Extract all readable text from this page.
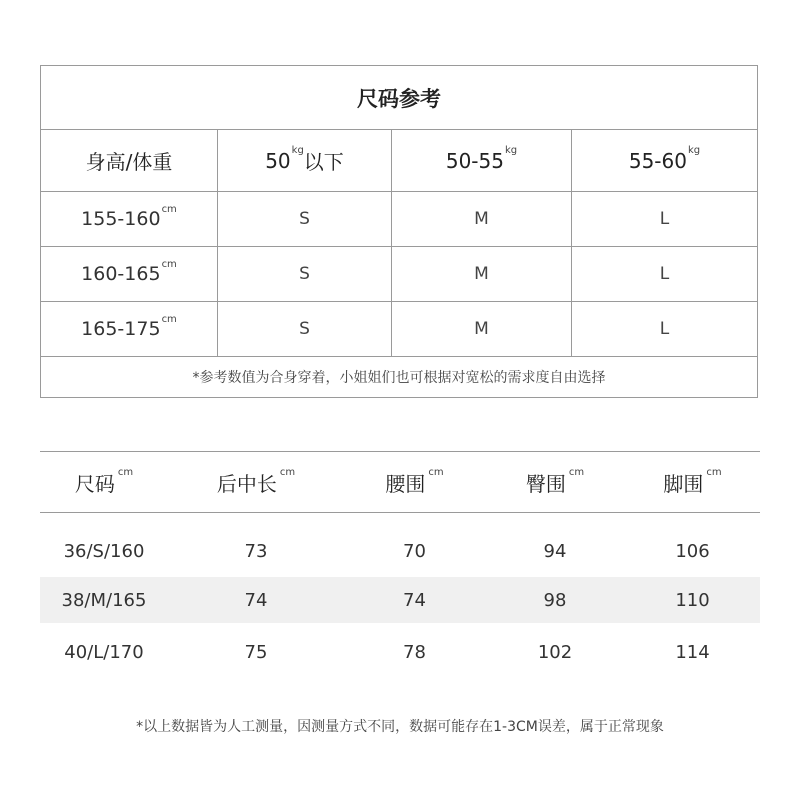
尺码参考
身高/体重	50 kg 以下	50-55 kg	55-60 kg
155-160 cm	S	M	L
160-165 cm	S	M	L
165-175 cm	S	M	L
*参考数值为合身穿着，小姐姐们也可根据对宽松的需求度自由选择
尺码 cm	后中长 cm	腰围 cm	臀围 cm	脚围 cm
36/S/160	73	70	94	106
38/M/165	74	74	98	110
40/L/170	75	78	102	114
*以上数据皆为人工测量，因测量方式不同，数据可能存在1-3CM误差，属于正常现象
